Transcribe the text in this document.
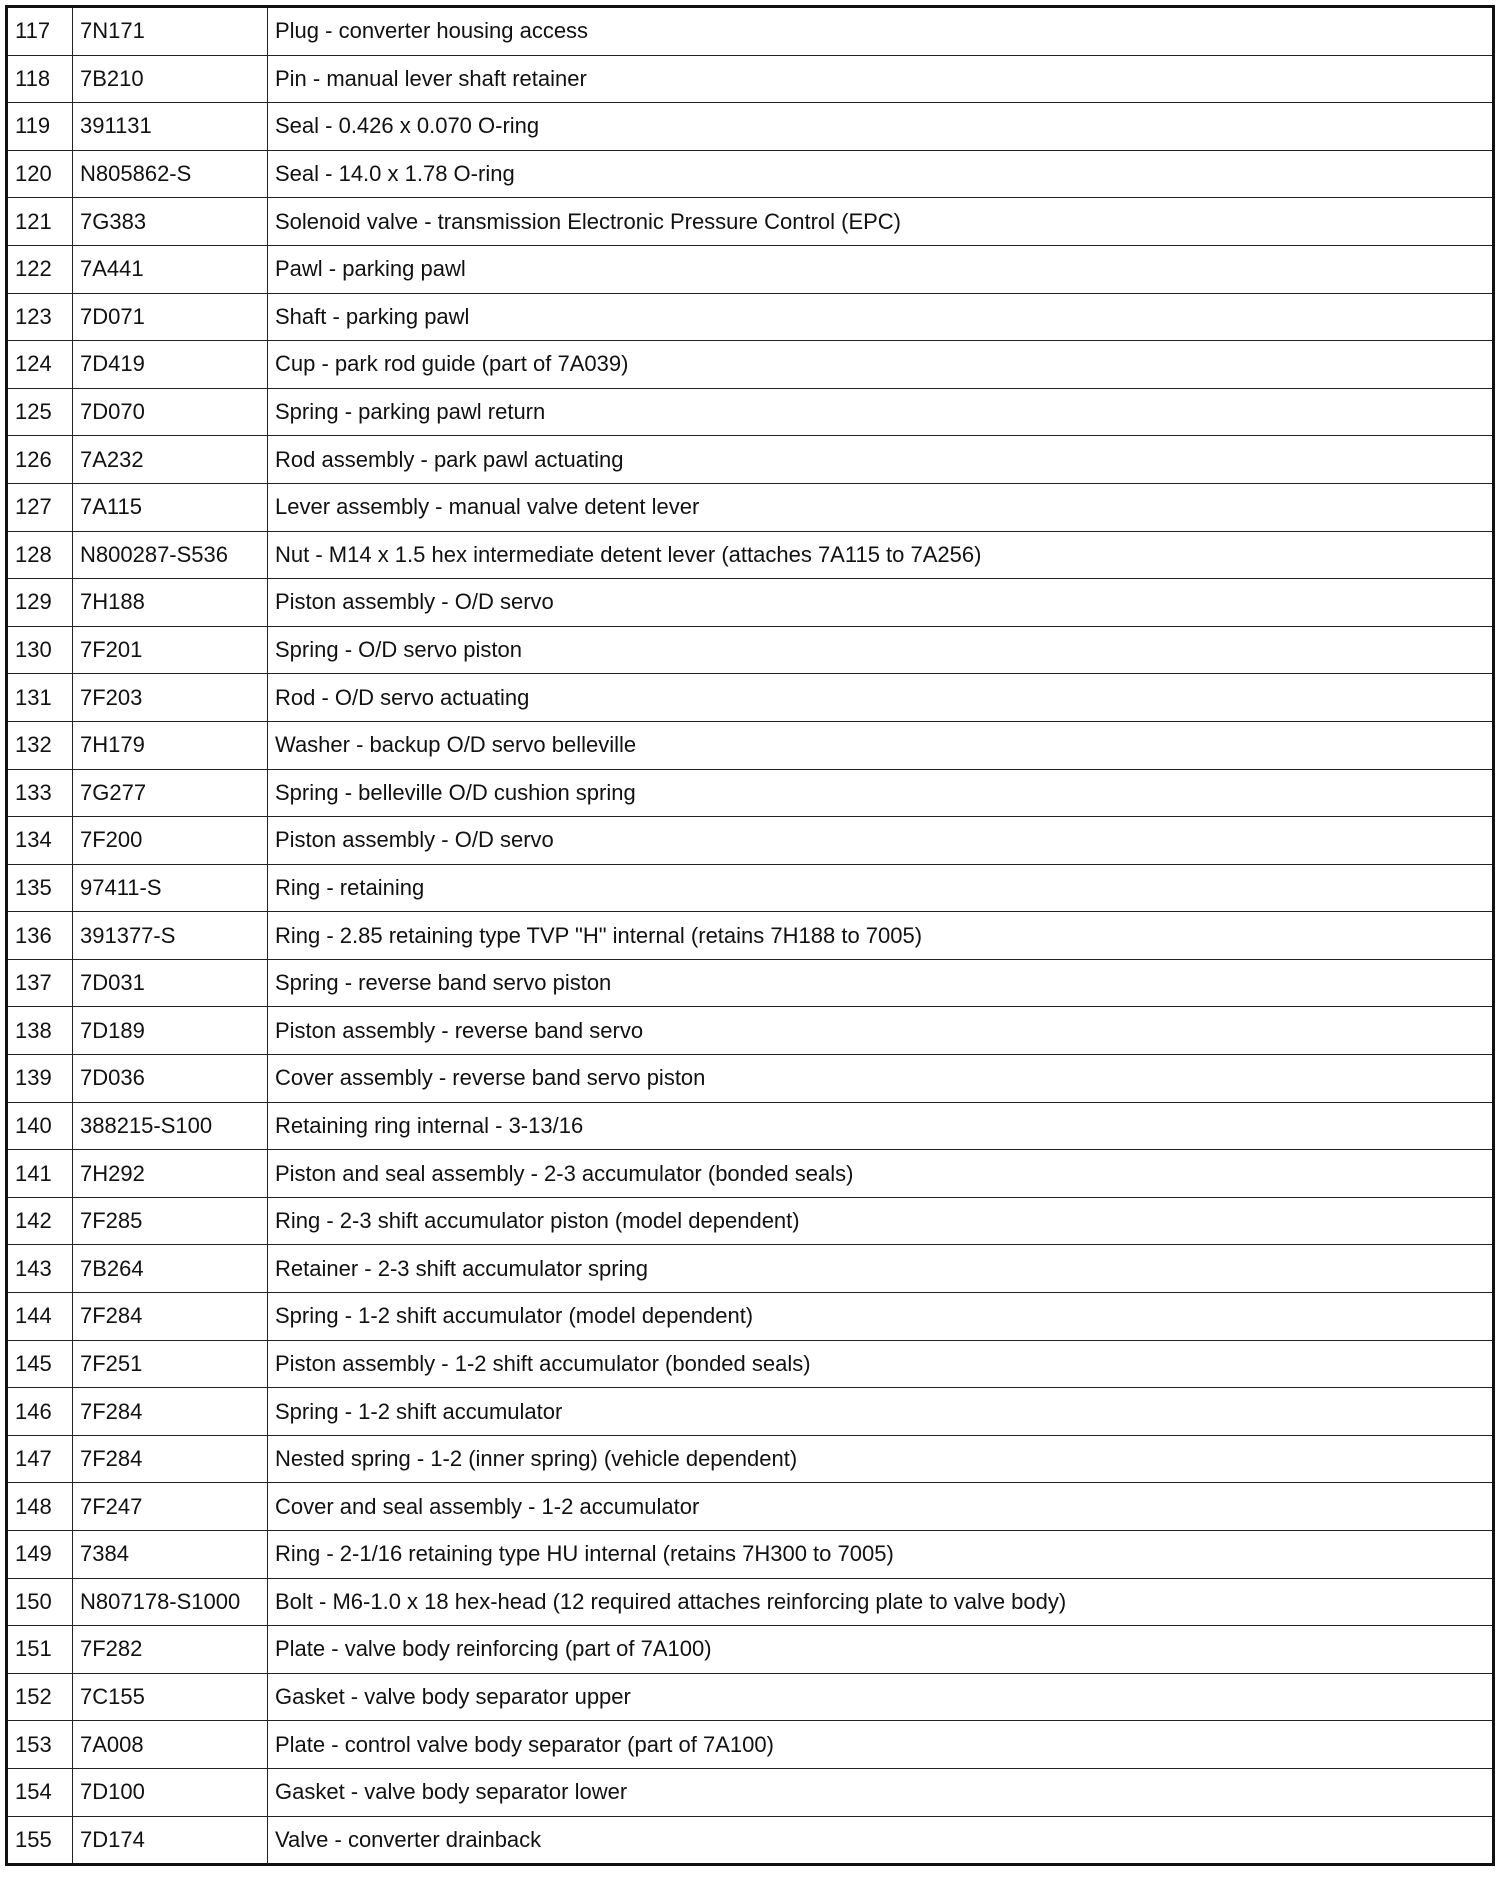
117	7N171	Plug - converter housing access
118	7B210	Pin - manual lever shaft retainer
119	391131	Seal - 0.426 x 0.070 O-ring
120	N805862-S	Seal - 14.0 x 1.78 O-ring
121	7G383	Solenoid valve - transmission Electronic Pressure Control (EPC)
122	7A441	Pawl - parking pawl
123	7D071	Shaft - parking pawl
124	7D419	Cup - park rod guide (part of 7A039)
125	7D070	Spring - parking pawl return
126	7A232	Rod assembly - park pawl actuating
127	7A115	Lever assembly - manual valve detent lever
128	N800287-S536	Nut - M14 x 1.5 hex intermediate detent lever (attaches 7A115 to 7A256)
129	7H188	Piston assembly - O/D servo
130	7F201	Spring - O/D servo piston
131	7F203	Rod - O/D servo actuating
132	7H179	Washer - backup O/D servo belleville
133	7G277	Spring - belleville O/D cushion spring
134	7F200	Piston assembly - O/D servo
135	97411-S	Ring - retaining
136	391377-S	Ring - 2.85 retaining type TVP "H" internal (retains 7H188 to 7005)
137	7D031	Spring - reverse band servo piston
138	7D189	Piston assembly - reverse band servo
139	7D036	Cover assembly - reverse band servo piston
140	388215-S100	Retaining ring internal - 3-13/16
141	7H292	Piston and seal assembly - 2-3 accumulator (bonded seals)
142	7F285	Ring - 2-3 shift accumulator piston (model dependent)
143	7B264	Retainer - 2-3 shift accumulator spring
144	7F284	Spring - 1-2 shift accumulator (model dependent)
145	7F251	Piston assembly - 1-2 shift accumulator (bonded seals)
146	7F284	Spring - 1-2 shift accumulator
147	7F284	Nested spring - 1-2 (inner spring) (vehicle dependent)
148	7F247	Cover and seal assembly - 1-2 accumulator
149	7384	Ring - 2-1/16 retaining type HU internal (retains 7H300 to 7005)
150	N807178-S1000	Bolt - M6-1.0 x 18 hex-head (12 required attaches reinforcing plate to valve body)
151	7F282	Plate - valve body reinforcing (part of 7A100)
152	7C155	Gasket - valve body separator upper
153	7A008	Plate - control valve body separator (part of 7A100)
154	7D100	Gasket - valve body separator lower
155	7D174	Valve - converter drainback
